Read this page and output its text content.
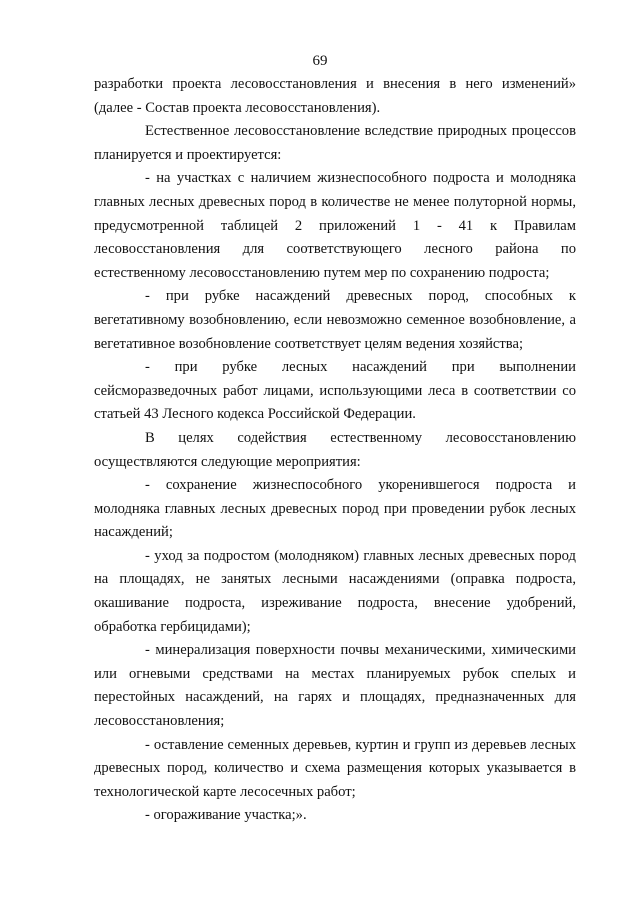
69

разработки проекта лесовосстановления и внесения в него изменений» (далее - Состав проекта лесовосстановления).

Естественное лесовосстановление вследствие природных процессов планируется и проектируется:

- на участках с наличием жизнеспособного подроста и молодняка главных лесных древесных пород в количестве не менее полуторной нормы, предусмотренной таблицей 2 приложений 1 - 41 к Правилам лесовосстановления для соответствующего лесного района по естественному лесовосстановлению путем мер по сохранению подроста;

- при рубке насаждений древесных пород, способных к вегетативному возобновлению, если невозможно семенное возобновление, а вегетативное возобновление соответствует целям ведения хозяйства;

- при рубке лесных насаждений при выполнении сейсморазведочных работ лицами, использующими леса в соответствии со статьей 43 Лесного кодекса Российской Федерации.

В целях содействия естественному лесовосстановлению осуществляются следующие мероприятия:

- сохранение жизнеспособного укоренившегося подроста и молодняка главных лесных древесных пород при проведении рубок лесных насаждений;

- уход за подростом (молодняком) главных лесных древесных пород на площадях, не занятых лесными насаждениями (оправка подроста, окашивание подроста, изреживание подроста, внесение удобрений, обработка гербицидами);

- минерализация поверхности почвы механическими, химическими или огневыми средствами на местах планируемых рубок спелых и перестойных насаждений, на гарях и площадях, предназначенных для лесовосстановления;

- оставление семенных деревьев, куртин и групп из деревьев лесных древесных пород, количество и схема размещения которых указывается в технологической карте лесосечных работ;

- огораживание участка;».
